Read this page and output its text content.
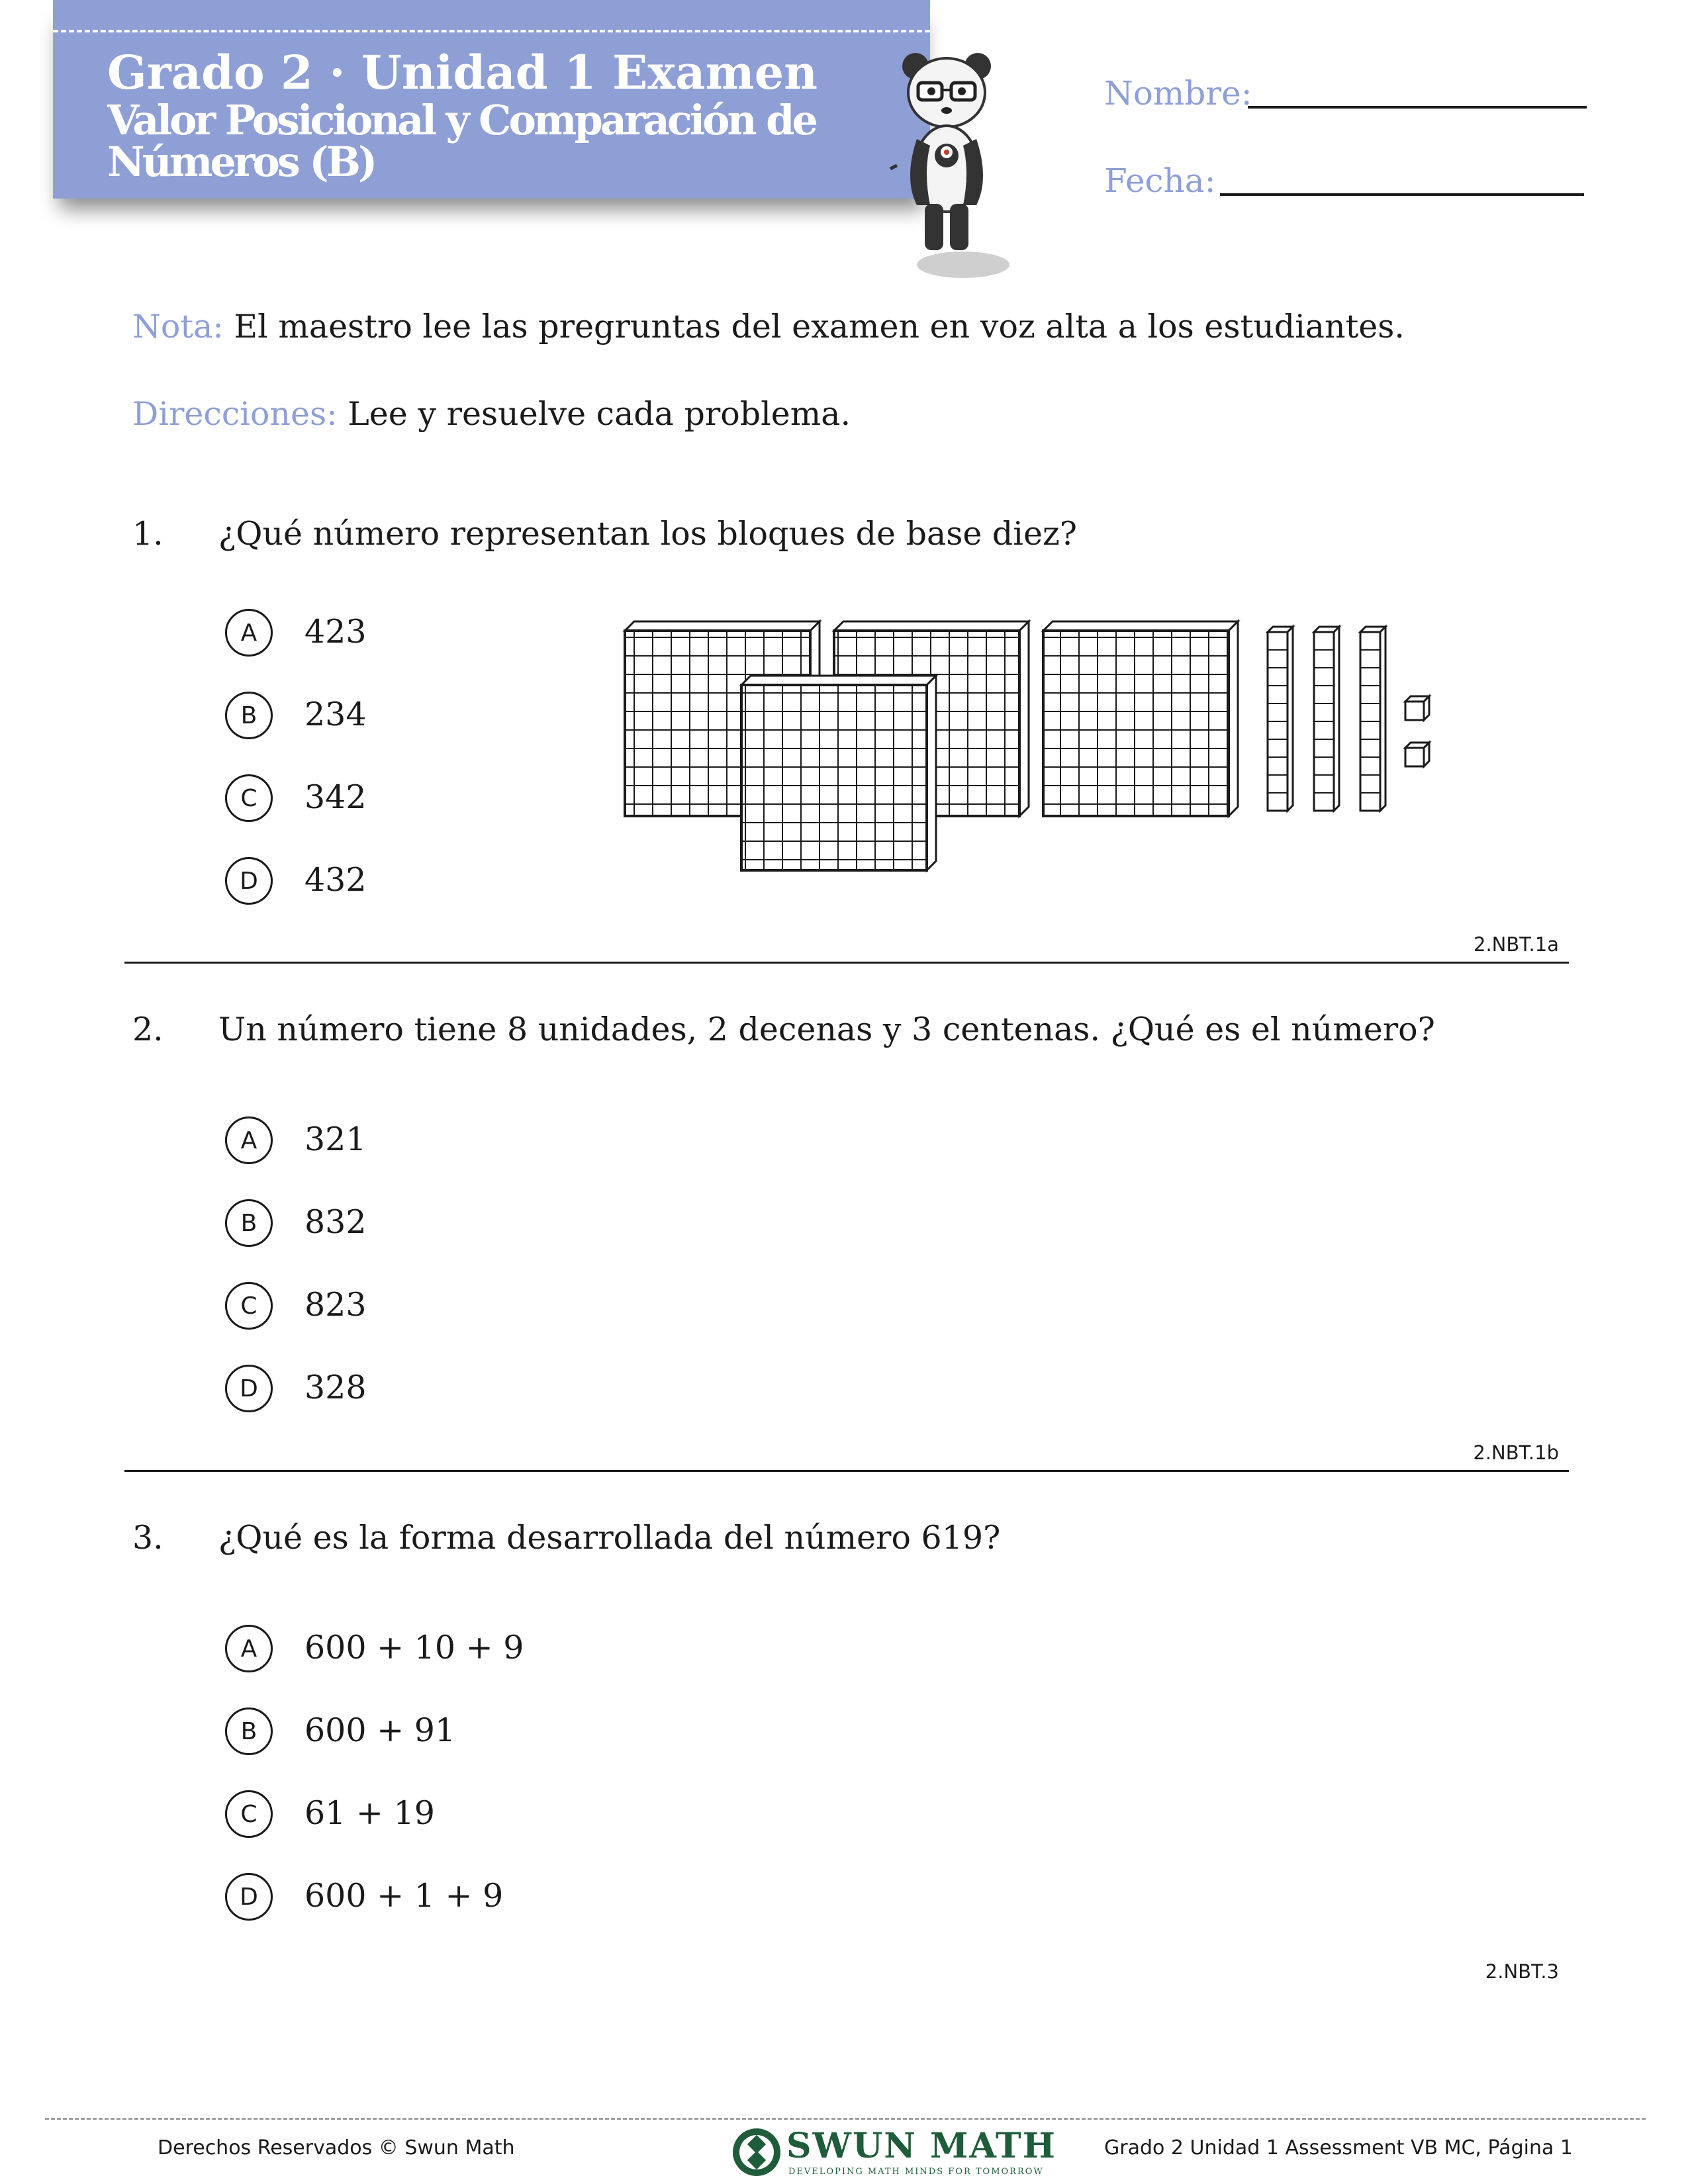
Grado 2 · Unidad 1 Examen
Valor Posicional y Comparación de
Números (B)
Nombre:
Fecha:
Nota: El maestro lee las pregruntas del examen en voz alta a los estudiantes.
Direcciones: Lee y resuelve cada problema.
1. ¿Qué número representan los bloques de base diez?
A	423
B	234
C	342
D	432
2.NBT.1a
2. Un número tiene 8 unidades, 2 decenas y 3 centenas. ¿Qué es el número?
A	321
B	832
C	823
D	328
2.NBT.1b
3. ¿Qué es la forma desarrollada del número 619?
A	600 + 10 + 9
B	600 + 91
C	61 + 19
D	600 + 1 + 9
2.NBT.3
Derechos Reservados © Swun Math	SWUN MATH
DEVELOPING MATH MINDS FOR TOMORROW
Grado 2 Unidad 1 Assessment VB MC, Página 1
